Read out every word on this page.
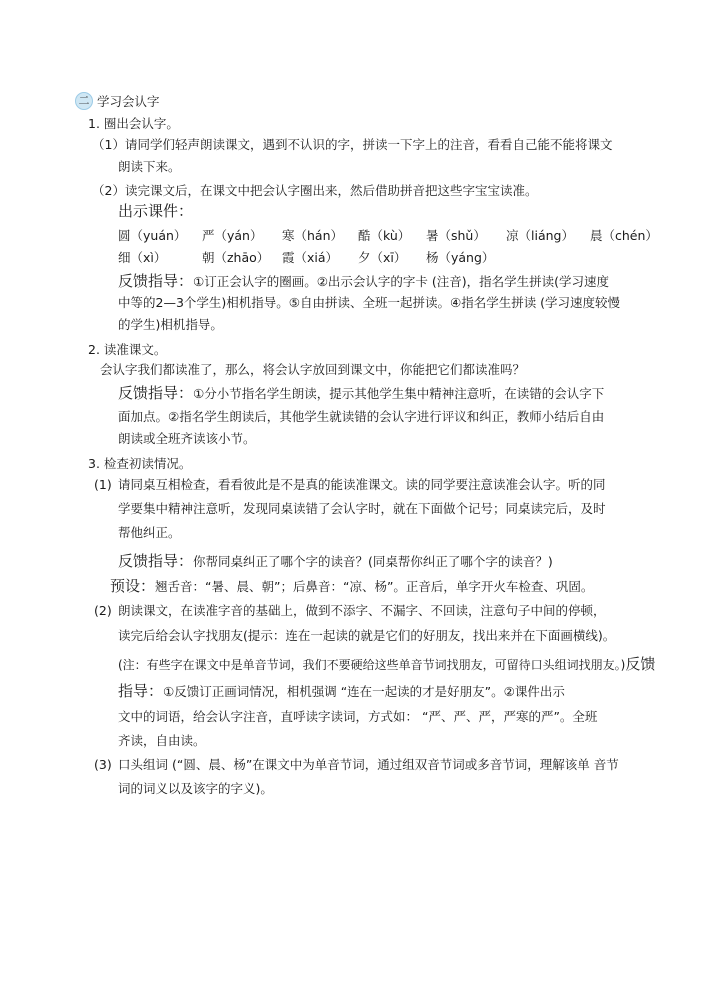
二 学习会认字
1. 圈出会认字。
（1）请同学们轻声朗读课文，遇到不认识的字，拼读一下字上的注音，看看自己能不能将课文
朗读下来。
（2）读完课文后，在课文中把会认字圈出来，然后借助拼音把这些字宝宝读准。
出示课件：
圆（yuán） 严（yán） 寒（hán） 酷（kù） 暑（shǔ） 凉（liáng） 晨（chén）
细（xì）	朝（zhāo） 霞（xiá） 夕（xī） 杨（yáng）
反馈指导：①订正会认字的圈画。②出示会认字的字卡 (注音)，指名学生拼读(学习速度
中等的2—3个学生)相机指导。⑤自由拼读、全班一起拼读。④指名学生拼读 (学习速度较慢
的学生)相机指导。
2. 读准课文。
会认字我们都读准了，那么，将会认字放回到课文中，你能把它们都读准吗？
反馈指导：①分小节指名学生朗读，提示其他学生集中精神注意听，在读错的会认字下
面加点。②指名学生朗读后，其他学生就读错的会认字进行评议和纠正，教师小结后自由
朗读或全班齐读该小节。
3. 检查初读情况。
(1) 请同桌互相检查，看看彼此是不是真的能读准课文。读的同学要注意读准会认字。听的同
学要集中精神注意听，发现同桌读错了会认字时，就在下面做个记号；同桌读完后，及时
帮他纠正。
反馈指导：你帮同桌纠正了哪个字的读音？(同桌帮你纠正了哪个字的读音？)
预设：翘舌音：“暑、晨、朝”；后鼻音：“凉、杨”。正音后，单字开火车检查、巩固。
(2) 朗读课文，在读准字音的基础上，做到不添字、不漏字、不回读，注意句子中间的停顿，
读完后给会认字找朋友(提示：连在一起读的就是它们的好朋友，找出来并在下面画横线)。
(注：有些字在课文中是单音节词，我们不要硬给这些单音节词找朋友，可留待口头组词找朋友。)反馈
指导：①反馈订正画词情况，相机强调 “连在一起读的才是好朋友”。②课件出示
文中的词语，给会认字注音，直呼读字读词，方式如： “严、严、严，严寒的严”。全班
齐读，自由读。
(3) 口头组词 (“圆、晨、杨”在课文中为单音节词，通过组双音节词或多音节词，理解该单 音节
词的词义以及该字的字义)。
